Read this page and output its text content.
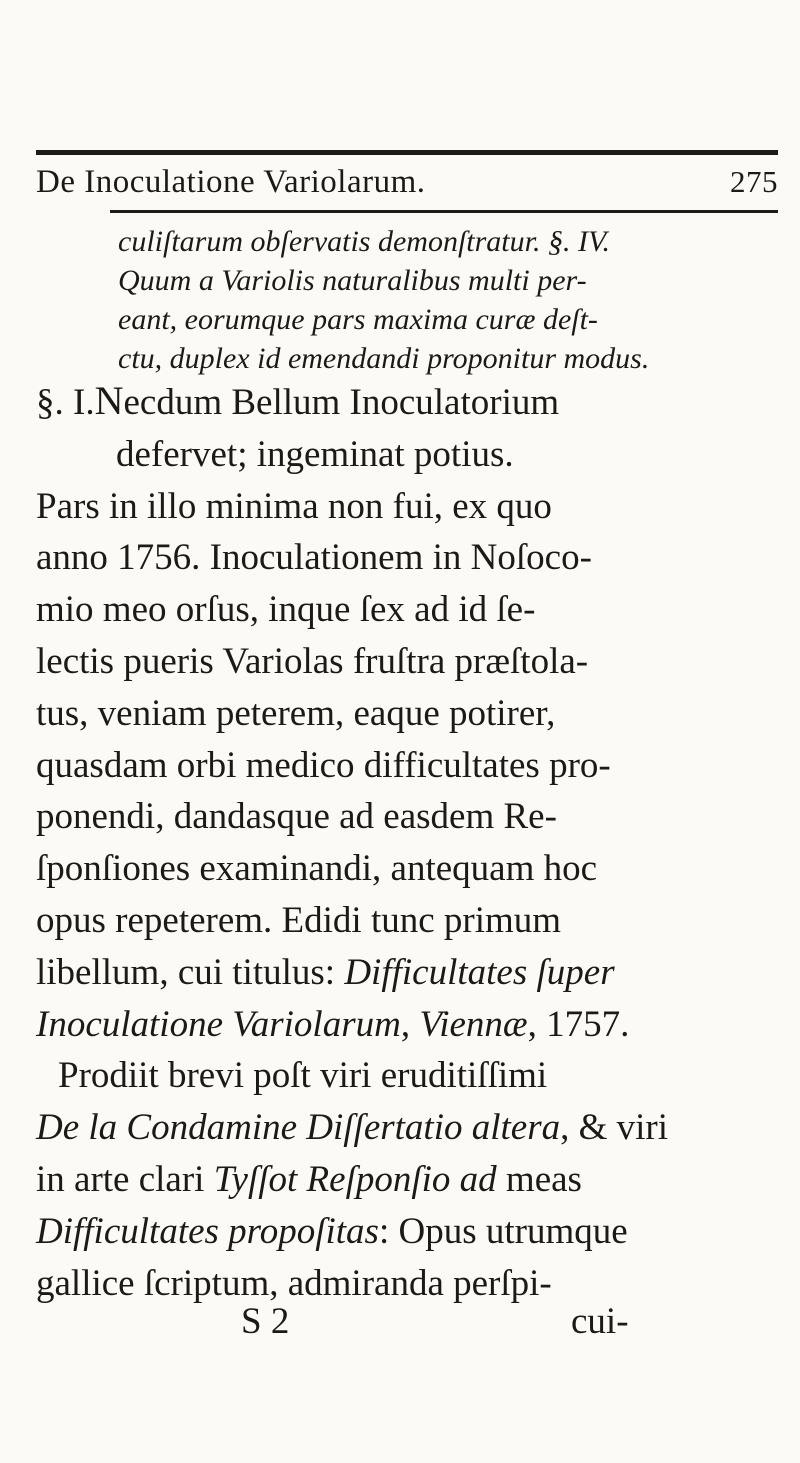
De Inoculatione Variolarum.	275
culiſtarum obſervatis demonſtratur. §. IV.
Quum a Variolis naturalibus multi per-
eant, eorumque pars maxima curæ deſt-
ctu, duplex id emendandi proponitur modus.
§. I.Necdum Bellum Inoculatorium
defervet; ingeminat potius.
Pars in illo minima non fui, ex quo
anno 1756. Inoculationem in Noſoco-
mio meo orſus, inque ſex ad id ſe-
lectis pueris Variolas fruſtra præſtola-
tus, veniam peterem, eaque potirer,
quasdam orbi medico difficultates pro-
ponendi, dandasque ad easdem Re-
ſponſiones examinandi, antequam hoc
opus repeterem. Edidi tunc primum
libellum, cui titulus: Difficultates ſuper
Inoculatione Variolarum, Viennæ, 1757.
Prodiit brevi poſt viri eruditiſſimi
De la Condamine Diſſertatio altera, & viri
in arte clari Tyſſot Reſponſio ad meas
Difficultates propoſitas: Opus utrumque
gallice ſcriptum, admiranda perſpi-
S 2	cui-
